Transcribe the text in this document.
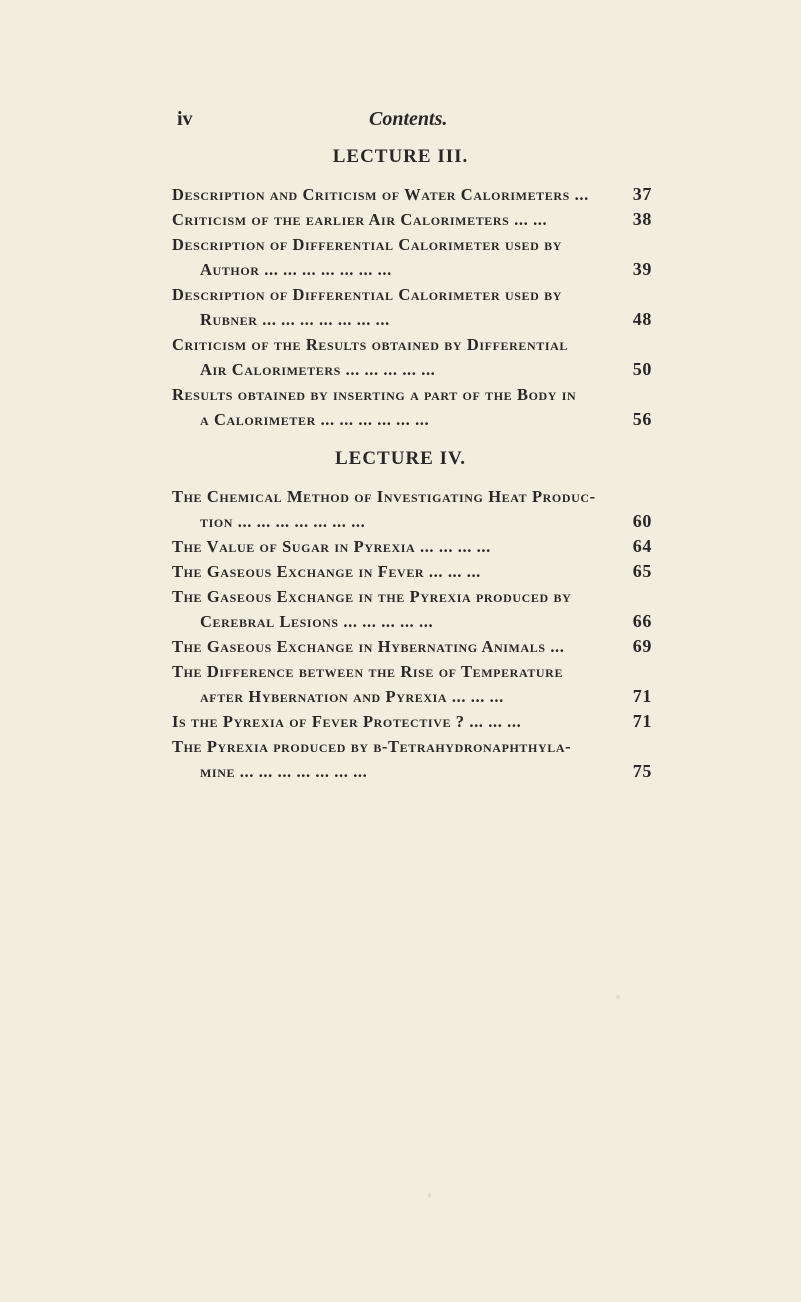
iv	Contents.
LECTURE III.
Description and Criticism of Water Calorimeters ...	37
Criticism of the earlier Air Calorimeters ... ...	38
Description of Differential Calorimeter used by
Author ... ... ... ... ... ... ...	39
Description of Differential Calorimeter used by
Rubner ... ... ... ... ... ... ...	48
Criticism of the Results obtained by Differential
Air Calorimeters ... ... ... ... ...	50
Results obtained by inserting a part of the Body in
a Calorimeter ... ... ... ... ... ...	56
LECTURE IV.
The Chemical Method of Investigating Heat Produc-
tion ... ... ... ... ... ... ...	60
The Value of Sugar in Pyrexia ... ... ... ...	64
The Gaseous Exchange in Fever ... ... ...	65
The Gaseous Exchange in the Pyrexia produced by
Cerebral Lesions ... ... ... ... ...	66
The Gaseous Exchange in Hybernating Animals ...	69
The Difference between the Rise of Temperature
after Hybernation and Pyrexia ... ... ...	71
Is the Pyrexia of Fever Protective ? ... ... ...	71
The Pyrexia produced by β-Tetrahydronaphthyla-
mine ... ... ... ... ... ... ...	75
